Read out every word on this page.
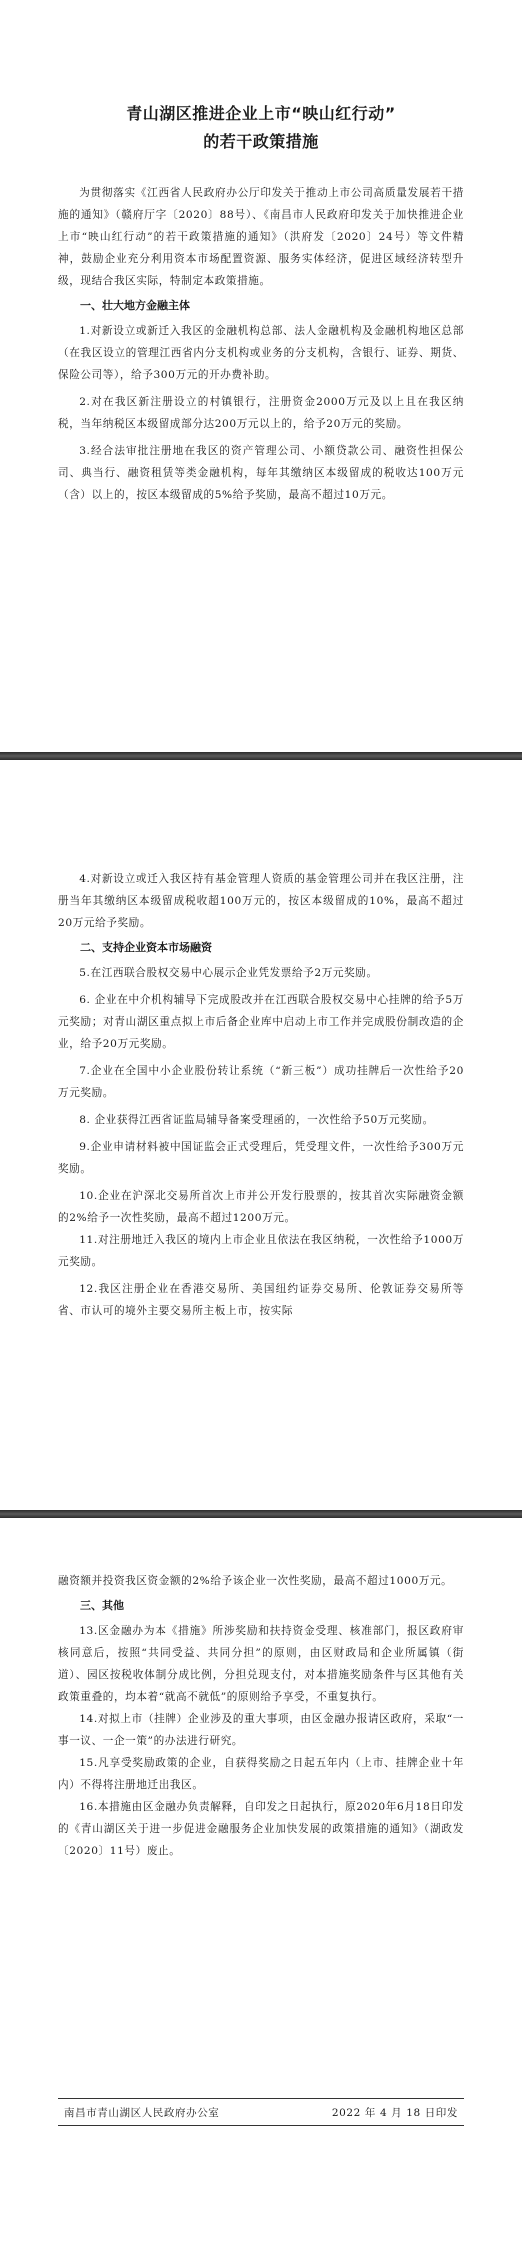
青山湖区推进企业上市“映山红行动”
的若干政策措施

为贯彻落实《江西省人民政府办公厅印发关于推动上市公司高质量发展若干措施的通知》（赣府厅字〔2020〕88号）、《南昌市人民政府印发关于加快推进企业上市“映山红行动”的若干政策措施的通知》（洪府发〔2020〕24号）等文件精神，鼓励企业充分利用资本市场配置资源、服务实体经济，促进区域经济转型升级，现结合我区实际，特制定本政策措施。

一、壮大地方金融主体

1.对新设立或新迁入我区的金融机构总部、法人金融机构及金融机构地区总部（在我区设立的管理江西省内分支机构或业务的分支机构，含银行、证券、期货、保险公司等），给予300万元的开办费补助。

2.对在我区新注册设立的村镇银行，注册资金2000万元及以上且在我区纳税，当年纳税区本级留成部分达200万元以上的，给予20万元的奖励。

3.经合法审批注册地在我区的资产管理公司、小额贷款公司、融资性担保公司、典当行、融资租赁等类金融机构，每年其缴纳区本级留成的税收达100万元（含）以上的，按区本级留成的5%给予奖励，最高不超过10万元。

4.对新设立或迁入我区持有基金管理人资质的基金管理公司并在我区注册，注册当年其缴纳区本级留成税收超100万元的，按区本级留成的10%，最高不超过20万元给予奖励。

二、支持企业资本市场融资

5.在江西联合股权交易中心展示企业凭发票给予2万元奖励。

6. 企业在中介机构辅导下完成股改并在江西联合股权交易中心挂牌的给予5万元奖励；对青山湖区重点拟上市后备企业库中启动上市工作并完成股份制改造的企业，给予20万元奖励。

7.企业在全国中小企业股份转让系统（“新三板”）成功挂牌后一次性给予20万元奖励。

8. 企业获得江西省证监局辅导备案受理函的，一次性给予50万元奖励。

9.企业申请材料被中国证监会正式受理后，凭受理文件，一次性给予300万元奖励。

10.企业在沪深北交易所首次上市并公开发行股票的，按其首次实际融资金额的2%给予一次性奖励，最高不超过1200万元。

11.对注册地迁入我区的境内上市企业且依法在我区纳税，一次性给予1000万元奖励。

12.我区注册企业在香港交易所、美国纽约证券交易所、伦敦证券交易所等省、市认可的境外主要交易所主板上市，按实际

融资额并投资我区资金额的2%给予该企业一次性奖励，最高不超过1000万元。

三、其他

13.区金融办为本《措施》所涉奖励和扶持资金受理、核准部门，报区政府审核同意后，按照“共同受益、共同分担”的原则，由区财政局和企业所属镇（街道）、园区按税收体制分成比例，分担兑现支付，对本措施奖励条件与区其他有关政策重叠的，均本着“就高不就低”的原则给予享受，不重复执行。

14.对拟上市（挂牌）企业涉及的重大事项，由区金融办报请区政府，采取“一事一议、一企一策”的办法进行研究。

15.凡享受奖励政策的企业，自获得奖励之日起五年内（上市、挂牌企业十年内）不得将注册地迁出我区。

16.本措施由区金融办负责解释，自印发之日起执行，原2020年6月18日印发的《青山湖区关于进一步促进金融服务企业加快发展的政策措施的通知》（湖政发〔2020〕11号）废止。

南昌市青山湖区人民政府办公室	2022 年 4 月 18 日印发
